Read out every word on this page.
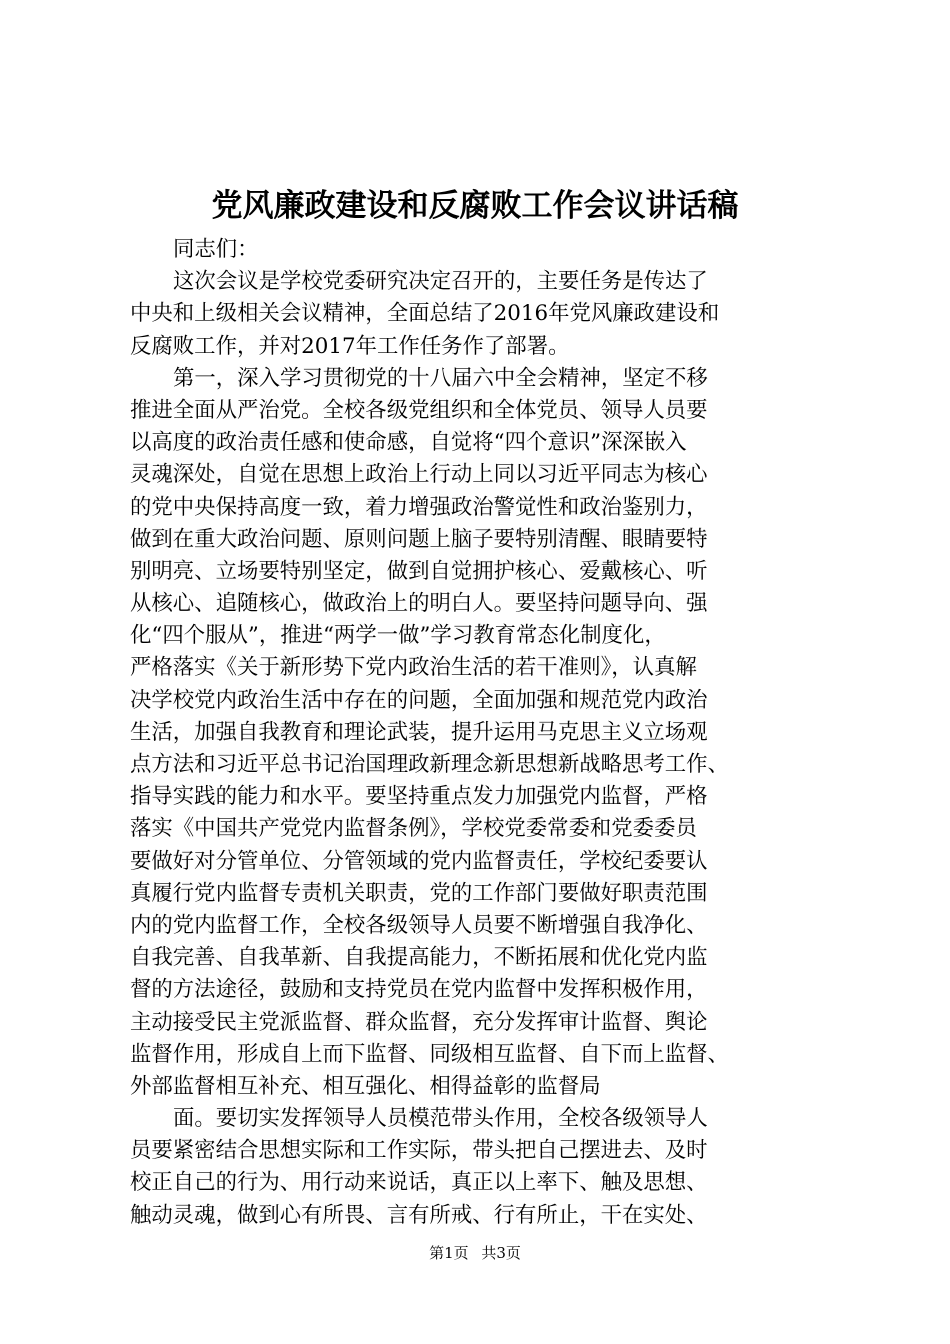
党风廉政建设和反腐败工作会议讲话稿
同志们：
这次会议是学校党委研究决定召开的，主要任务是传达了
中央和上级相关会议精神，全面总结了2016年党风廉政建设和
反腐败工作，并对2017年工作任务作了部署。
第一，深入学习贯彻党的十八届六中全会精神，坚定不移
推进全面从严治党。全校各级党组织和全体党员、领导人员要
以高度的政治责任感和使命感，自觉将“四个意识”深深嵌入
灵魂深处，自觉在思想上政治上行动上同以习近平同志为核心
的党中央保持高度一致，着力增强政治警觉性和政治鉴别力，
做到在重大政治问题、原则问题上脑子要特别清醒、眼睛要特
别明亮、立场要特别坚定，做到自觉拥护核心、爱戴核心、听
从核心、追随核心，做政治上的明白人。要坚持问题导向、强
化“四个服从”，推进“两学一做”学习教育常态化制度化，
严格落实《关于新形势下党内政治生活的若干准则》，认真解
决学校党内政治生活中存在的问题，全面加强和规范党内政治
生活，加强自我教育和理论武装，提升运用马克思主义立场观
点方法和习近平总书记治国理政新理念新思想新战略思考工作、
指导实践的能力和水平。要坚持重点发力加强党内监督，严格
落实《中国共产党党内监督条例》，学校党委常委和党委委员
要做好对分管单位、分管领域的党内监督责任，学校纪委要认
真履行党内监督专责机关职责，党的工作部门要做好职责范围
内的党内监督工作，全校各级领导人员要不断增强自我净化、
自我完善、自我革新、自我提高能力，不断拓展和优化党内监
督的方法途径，鼓励和支持党员在党内监督中发挥积极作用，
主动接受民主党派监督、群众监督，充分发挥审计监督、舆论
监督作用，形成自上而下监督、同级相互监督、自下而上监督、
外部监督相互补充、相互强化、相得益彰的监督局
面。要切实发挥领导人员模范带头作用，全校各级领导人
员要紧密结合思想实际和工作实际，带头把自己摆进去、及时
校正自己的行为、用行动来说话，真正以上率下、触及思想、
触动灵魂，做到心有所畏、言有所戒、行有所止，干在实处、
第1页 共3页
